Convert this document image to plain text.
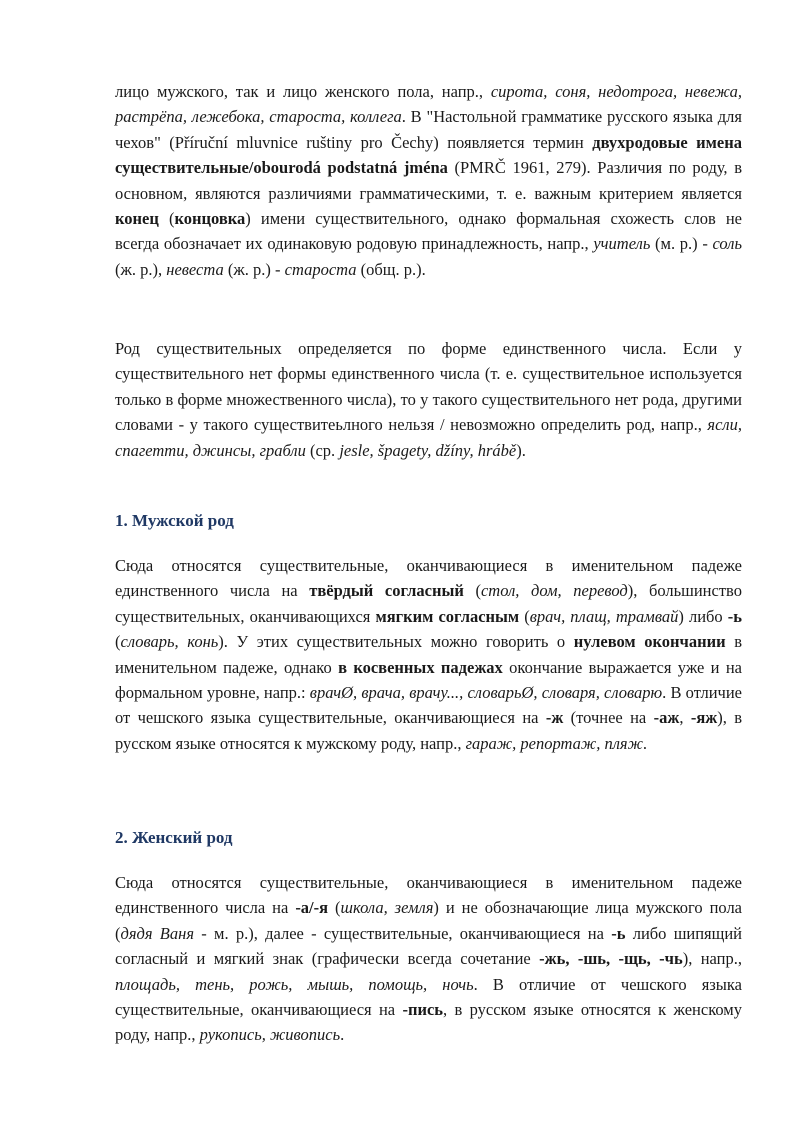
лицо мужского, так и лицо женского пола, напр., сирота, соня, недотрога, невежа, растрёпа, лежебока, староста, коллега. В "Настольной грамматике русского языка для чехов" (Příruční mluvnice ruštiny pro Čechy) появляется термин двухродовые имена существительные/obourodá podstatná jména (PMRČ 1961, 279). Различия по роду, в основном, являются различиями грамматическими, т. е. важным критерием является конец (концовка) имени существительного, однако формальная схожесть слов не всегда обозначает их одинаковую родовую принадлежность, напр., учитель (м. р.) - соль (ж. р.), невеста (ж. р.) - староста (общ. р.).

Род существительных определяется по форме единственного числа. Если у существительного нет формы единственного числа (т. е. существительное используется только в форме множественного числа), то у такого существительного нет рода, другими словами - у такого существитеьлного нельзя / невозможно определить род, напр., ясли, спагетти, джинсы, грабли (ср. jesle, špagety, džíny, hrábě).

1. Мужской род

Сюда относятся существительные, оканчивающиеся в именительном падеже единственного числа на твёрдый согласный (стол, дом, перевод), большинство существительных, оканчивающихся мягким согласным (врач, плащ, трамвай) либо -ь (словарь, конь). У этих существительных можно говорить о нулевом окончании в именительном падеже, однако в косвенных падежах окончание выражается уже и на формальном уровне, напр.: врачØ, врача, врачу..., словарьØ, словаря, словарю. В отличие от чешского языка существительные, оканчивающиеся на -ж (точнее на -аж, -яж), в русском языке относятся к мужскому роду, напр., гараж, репортаж, пляж.

2. Женский род

Сюда относятся существительные, оканчивающиеся в именительном падеже единственного числа на -а/-я (школа, земля) и не обозначающие лица мужского пола (дядя Ваня - м. р.), далее - существительные, оканчивающиеся на -ь либо шипящий согласный и мягкий знак (графически всегда сочетание -жь, -шь, -щь, -чь), напр., площадь, тень, рожь, мышь, помощь, ночь. В отличие от чешского языка существительные, оканчивающиеся на -пись, в русском языке относятся к женскому роду, напр., рукопись, живопись.
